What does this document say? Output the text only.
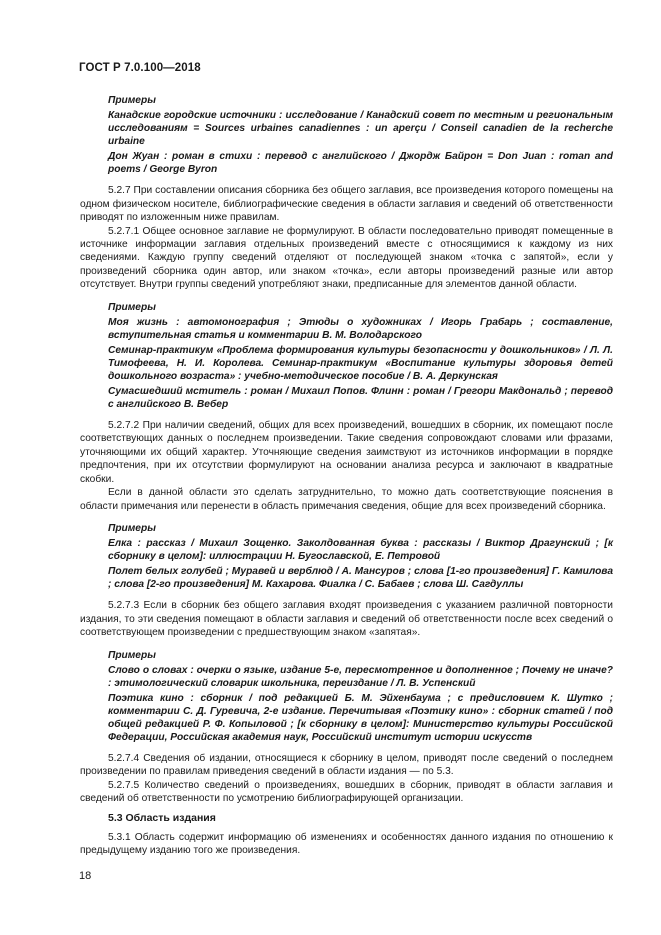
ГОСТ Р 7.0.100—2018

Примеры

Канадские городские источники : исследование / Канадский совет по местным и региональным исследованиям = Sources urbaines canadiennes : un aperçu / Conseil canadien de la recherche urbaine

Дон Жуан : роман в стихи : перевод с английского / Джордж Байрон = Don Juan : roman and poems / George Byron

5.2.7 При составлении описания сборника без общего заглавия, все произведения которого помещены на одном физическом носителе, библиографические сведения в области заглавия и сведений об ответственности приводят по изложенным ниже правилам.

5.2.7.1 Общее основное заглавие не формулируют. В области последовательно приводят помещенные в источнике информации заглавия отдельных произведений вместе с относящимися к каждому из них сведениями. Каждую группу сведений отделяют от последующей знаком «точка с запятой», если у произведений сборника один автор, или знаком «точка», если авторы произведений разные или автор отсутствует. Внутри группы сведений употребляют знаки, предписанные для элементов данной области.

Примеры

Моя жизнь : автомонография ; Этюды о художниках / Игорь Грабарь ; составление, вступительная статья и комментарии В. М. Володарского

Семинар-практикум «Проблема формирования культуры безопасности у дошкольников» / Л. Л. Тимофеева, Н. И. Королева. Семинар-практикум «Воспитание культуры здоровья детей дошкольного возраста» : учебно-методическое пособие / В. А. Деркунская

Сумасшедший мститель : роман / Михаил Попов. Флинн : роман / Грегори Макдональд ; перевод с английского В. Вебер

5.2.7.2 При наличии сведений, общих для всех произведений, вошедших в сборник, их помещают после соответствующих данных о последнем произведении. Такие сведения сопровождают словами или фразами, уточняющими их общий характер. Уточняющие сведения заимствуют из источников информации в порядке предпочтения, при их отсутствии формулируют на основании анализа ресурса и заключают в квадратные скобки.

Если в данной области это сделать затруднительно, то можно дать соответствующие пояснения в области примечания или перенести в область примечания сведения, общие для всех произведений сборника.

Примеры

Елка : рассказ / Михаил Зощенко. Заколдованная буква : рассказы / Виктор Драгунский ; [к сборнику в целом]: иллюстрации Н. Бугославской, Е. Петровой

Полет белых голубей ; Муравей и верблюд / А. Мансуров ; слова [1-го произведения] Г. Камилова ; слова [2-го произведения] М. Кахарова. Фиалка / С. Бабаев ; слова Ш. Сагдуллы

5.2.7.3 Если в сборник без общего заглавия входят произведения с указанием различной повторности издания, то эти сведения помещают в области заглавия и сведений об ответственности после всех сведений о соответствующем произведении с предшествующим знаком «запятая».

Примеры

Слово о словах : очерки о языке, издание 5-е, пересмотренное и дополненное ; Почему не иначе? : этимологический словарик школьника, переиздание / Л. В. Успенский

Поэтика кино : сборник / под редакцией Б. М. Эйхенбаума ; с предисловием К. Шутко ; комментарии С. Д. Гуревича, 2-е издание. Перечитывая «Поэтику кино» : сборник статей / под общей редакцией Р. Ф. Копыловой ; [к сборнику в целом]: Министерство культуры Российской Федерации, Российская академия наук, Российский институт истории искусств

5.2.7.4 Сведения об издании, относящиеся к сборнику в целом, приводят после сведений о последнем произведении по правилам приведения сведений в области издания — по 5.3.

5.2.7.5 Количество сведений о произведениях, вошедших в сборник, приводят в области заглавия и сведений об ответственности по усмотрению библиографирующей организации.

5.3 Область издания

5.3.1 Область содержит информацию об изменениях и особенностях данного издания по отношению к предыдущему изданию того же произведения.

18
